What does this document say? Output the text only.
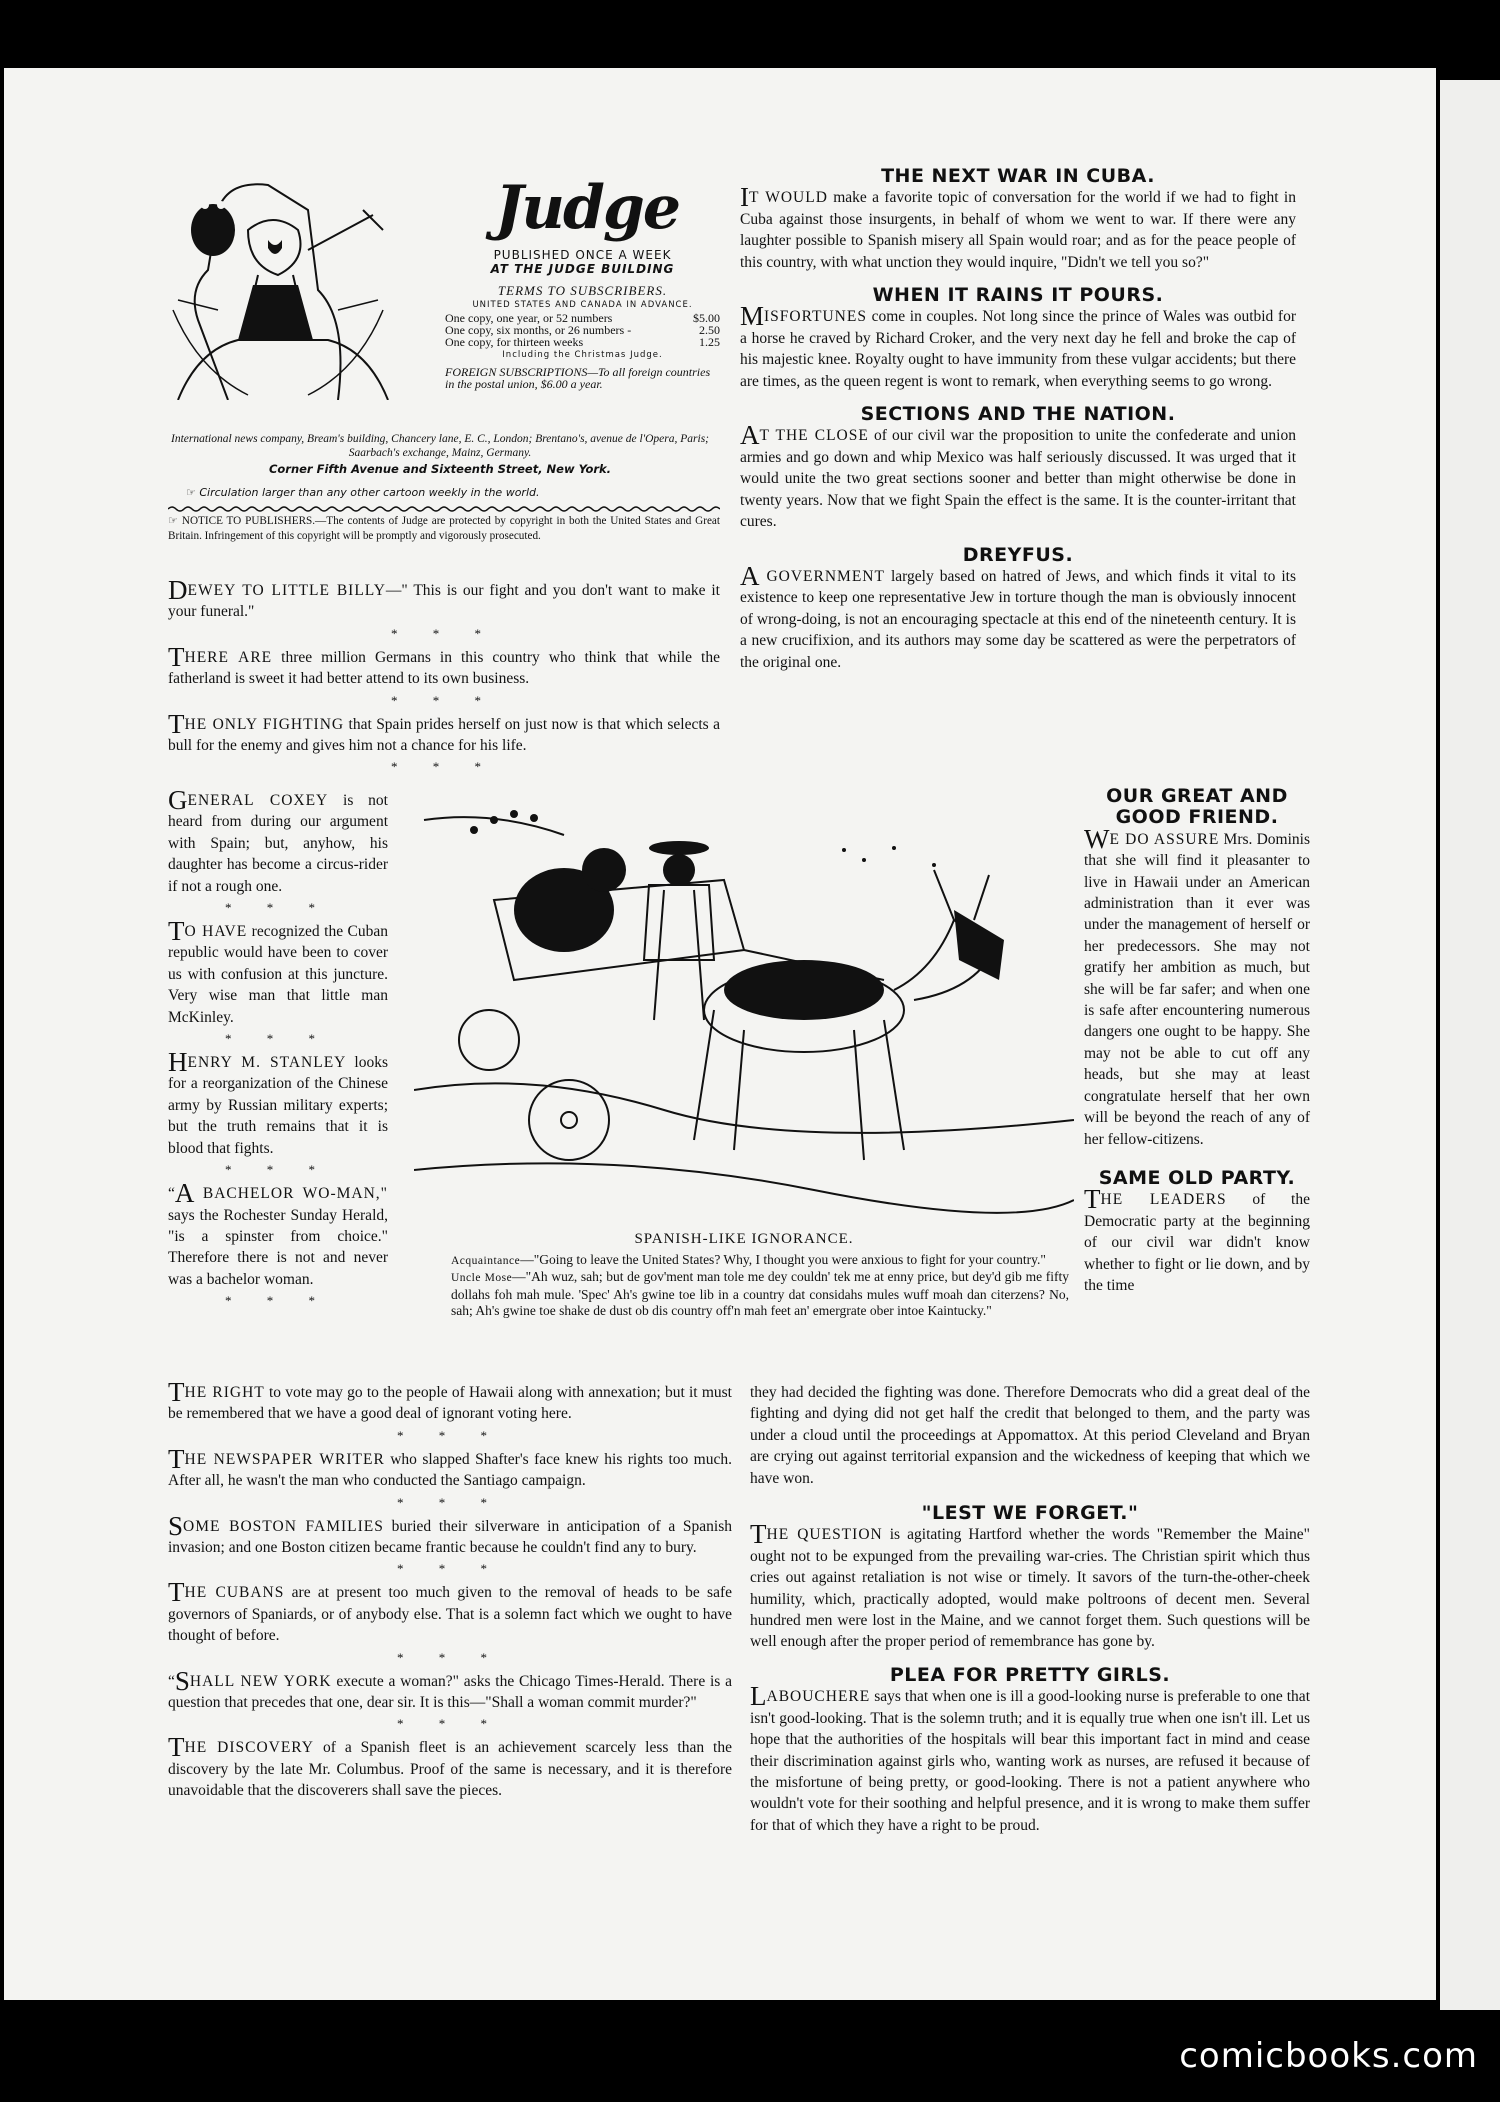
Judge
PUBLISHED ONCE A WEEK
AT THE JUDGE BUILDING
TERMS TO SUBSCRIBERS.
UNITED STATES AND CANADA IN ADVANCE.
One copy, one year, or 52 numbers	$5.00
One copy, six months, or 26 numbers -	2.50
One copy, for thirteen weeks	1.25
Including the Christmas Judge.
FOREIGN SUBSCRIPTIONS—To all foreign countries in the postal union, $6.00 a year.
International news company, Bream's building, Chancery lane, E. C., London; Brentano's, avenue de l'Opera, Paris; Saarbach's exchange, Mainz, Germany.
Corner Fifth Avenue and Sixteenth Street, New York.
☞ Circulation larger than any other cartoon weekly in the world.
☞ NOTICE TO PUBLISHERS.—The contents of Judge are protected by copyright in both the United States and Great Britain. Infringement of this copyright will be promptly and vigorously prosecuted.

DEWEY TO LITTLE BILLY—" This is our fight and you don't want to make it your funeral."

* * *

THERE ARE three million Germans in this country who think that while the fatherland is sweet it had better attend to its own business.

* * *

THE ONLY FIGHTING that Spain prides herself on just now is that which selects a bull for the enemy and gives him not a chance for his life.

* * *

GENERAL COXEY is not heard from during our argument with Spain; but, anyhow, his daughter has become a circus-rider if not a rough one.

* * *

TO HAVE recognized the Cuban republic would have been to cover us with confusion at this juncture. Very wise man that little man McKinley.

* * *

HENRY M. STANLEY looks for a reorganization of the Chinese army by Russian military experts; but the truth remains that it is blood that fights.

* * *

“A BACHELOR WO-MAN," says the Rochester Sunday Herald, "is a spinster from choice." Therefore there is not and never was a bachelor woman.

* * *
SPANISH-LIKE IGNORANCE.

Acquaintance—"Going to leave the United States? Why, I thought you were anxious to fight for your country."

Uncle Mose—"Ah wuz, sah; but de gov'ment man tole me dey couldn' tek me at enny price, but dey'd gib me fifty dollahs foh mah mule. 'Spec' Ah's gwine toe lib in a country dat considahs mules wuff moah dan citerzens? No, sah; Ah's gwine toe shake de dust ob dis country off'n mah feet an' emergrate ober intoe Kaintucky."

THE NEXT WAR IN CUBA.

IT WOULD make a favorite topic of conversation for the world if we had to fight in Cuba against those insurgents, in behalf of whom we went to war. If there were any laughter possible to Spanish misery all Spain would roar; and as for the peace people of this country, with what unction they would inquire, "Didn't we tell you so?"

WHEN IT RAINS IT POURS.

MISFORTUNES come in couples. Not long since the prince of Wales was outbid for a horse he craved by Richard Croker, and the very next day he fell and broke the cap of his majestic knee. Royalty ought to have immunity from these vulgar accidents; but there are times, as the queen regent is wont to remark, when everything seems to go wrong.

SECTIONS AND THE NATION.

AT THE CLOSE of our civil war the proposition to unite the confederate and union armies and go down and whip Mexico was half seriously discussed. It was urged that it would unite the two great sections sooner and better than might otherwise be done in twenty years. Now that we fight Spain the effect is the same. It is the counter-irritant that cures.

DREYFUS.

A GOVERNMENT largely based on hatred of Jews, and which finds it vital to its existence to keep one representative Jew in torture though the man is obviously innocent of wrong-doing, is not an encouraging spectacle at this end of the nineteenth century. It is a new crucifixion, and its authors may some day be scattered as were the perpetrators of the original one.

OUR GREAT AND GOOD FRIEND.

WE DO ASSURE Mrs. Dominis that she will find it pleasanter to live in Hawaii under an American administration than it ever was under the management of herself or her predecessors. She may not gratify her ambition as much, but she will be far safer; and when one is safe after encountering numerous dangers one ought to be happy. She may not be able to cut off any heads, but she may at least congratulate herself that her own will be beyond the reach of any of her fellow-citizens.

SAME OLD PARTY.

THE LEADERS of the Democratic party at the beginning of our civil war didn't know whether to fight or lie down, and by the time

THE RIGHT to vote may go to the people of Hawaii along with annexation; but it must be remembered that we have a good deal of ignorant voting here.

* * *

THE NEWSPAPER WRITER who slapped Shafter's face knew his rights too much. After all, he wasn't the man who conducted the Santiago campaign.

* * *

SOME BOSTON FAMILIES buried their silverware in anticipation of a Spanish invasion; and one Boston citizen became frantic because he couldn't find any to bury.

* * *

THE CUBANS are at present too much given to the removal of heads to be safe governors of Spaniards, or of anybody else. That is a solemn fact which we ought to have thought of before.

* * *

“SHALL NEW YORK execute a woman?" asks the Chicago Times-Herald. There is a question that precedes that one, dear sir. It is this—"Shall a woman commit murder?"

* * *

THE DISCOVERY of a Spanish fleet is an achievement scarcely less than the discovery by the late Mr. Columbus. Proof of the same is necessary, and it is therefore unavoidable that the discoverers shall save the pieces.

they had decided the fighting was done. Therefore Democrats who did a great deal of the fighting and dying did not get half the credit that belonged to them, and the party was under a cloud until the proceedings at Appomattox. At this period Cleveland and Bryan are crying out against territorial expansion and the wickedness of keeping that which we have won.

"LEST WE FORGET."

THE QUESTION is agitating Hartford whether the words "Remember the Maine" ought not to be expunged from the prevailing war-cries. The Christian spirit which thus cries out against retaliation is not wise or timely. It savors of the turn-the-other-cheek humility, which, practically adopted, would make poltroons of decent men. Several hundred men were lost in the Maine, and we cannot forget them. Such questions will be well enough after the proper period of remembrance has gone by.

PLEA FOR PRETTY GIRLS.

LABOUCHERE says that when one is ill a good-looking nurse is preferable to one that isn't good-looking. That is the solemn truth; and it is equally true when one isn't ill. Let us hope that the authorities of the hospitals will bear this important fact in mind and cease their discrimination against girls who, wanting work as nurses, are refused it because of the misfortune of being pretty, or good-looking. There is not a patient anywhere who wouldn't vote for their soothing and helpful presence, and it is wrong to make them suffer for that of which they have a right to be proud.

comicbooks.com
